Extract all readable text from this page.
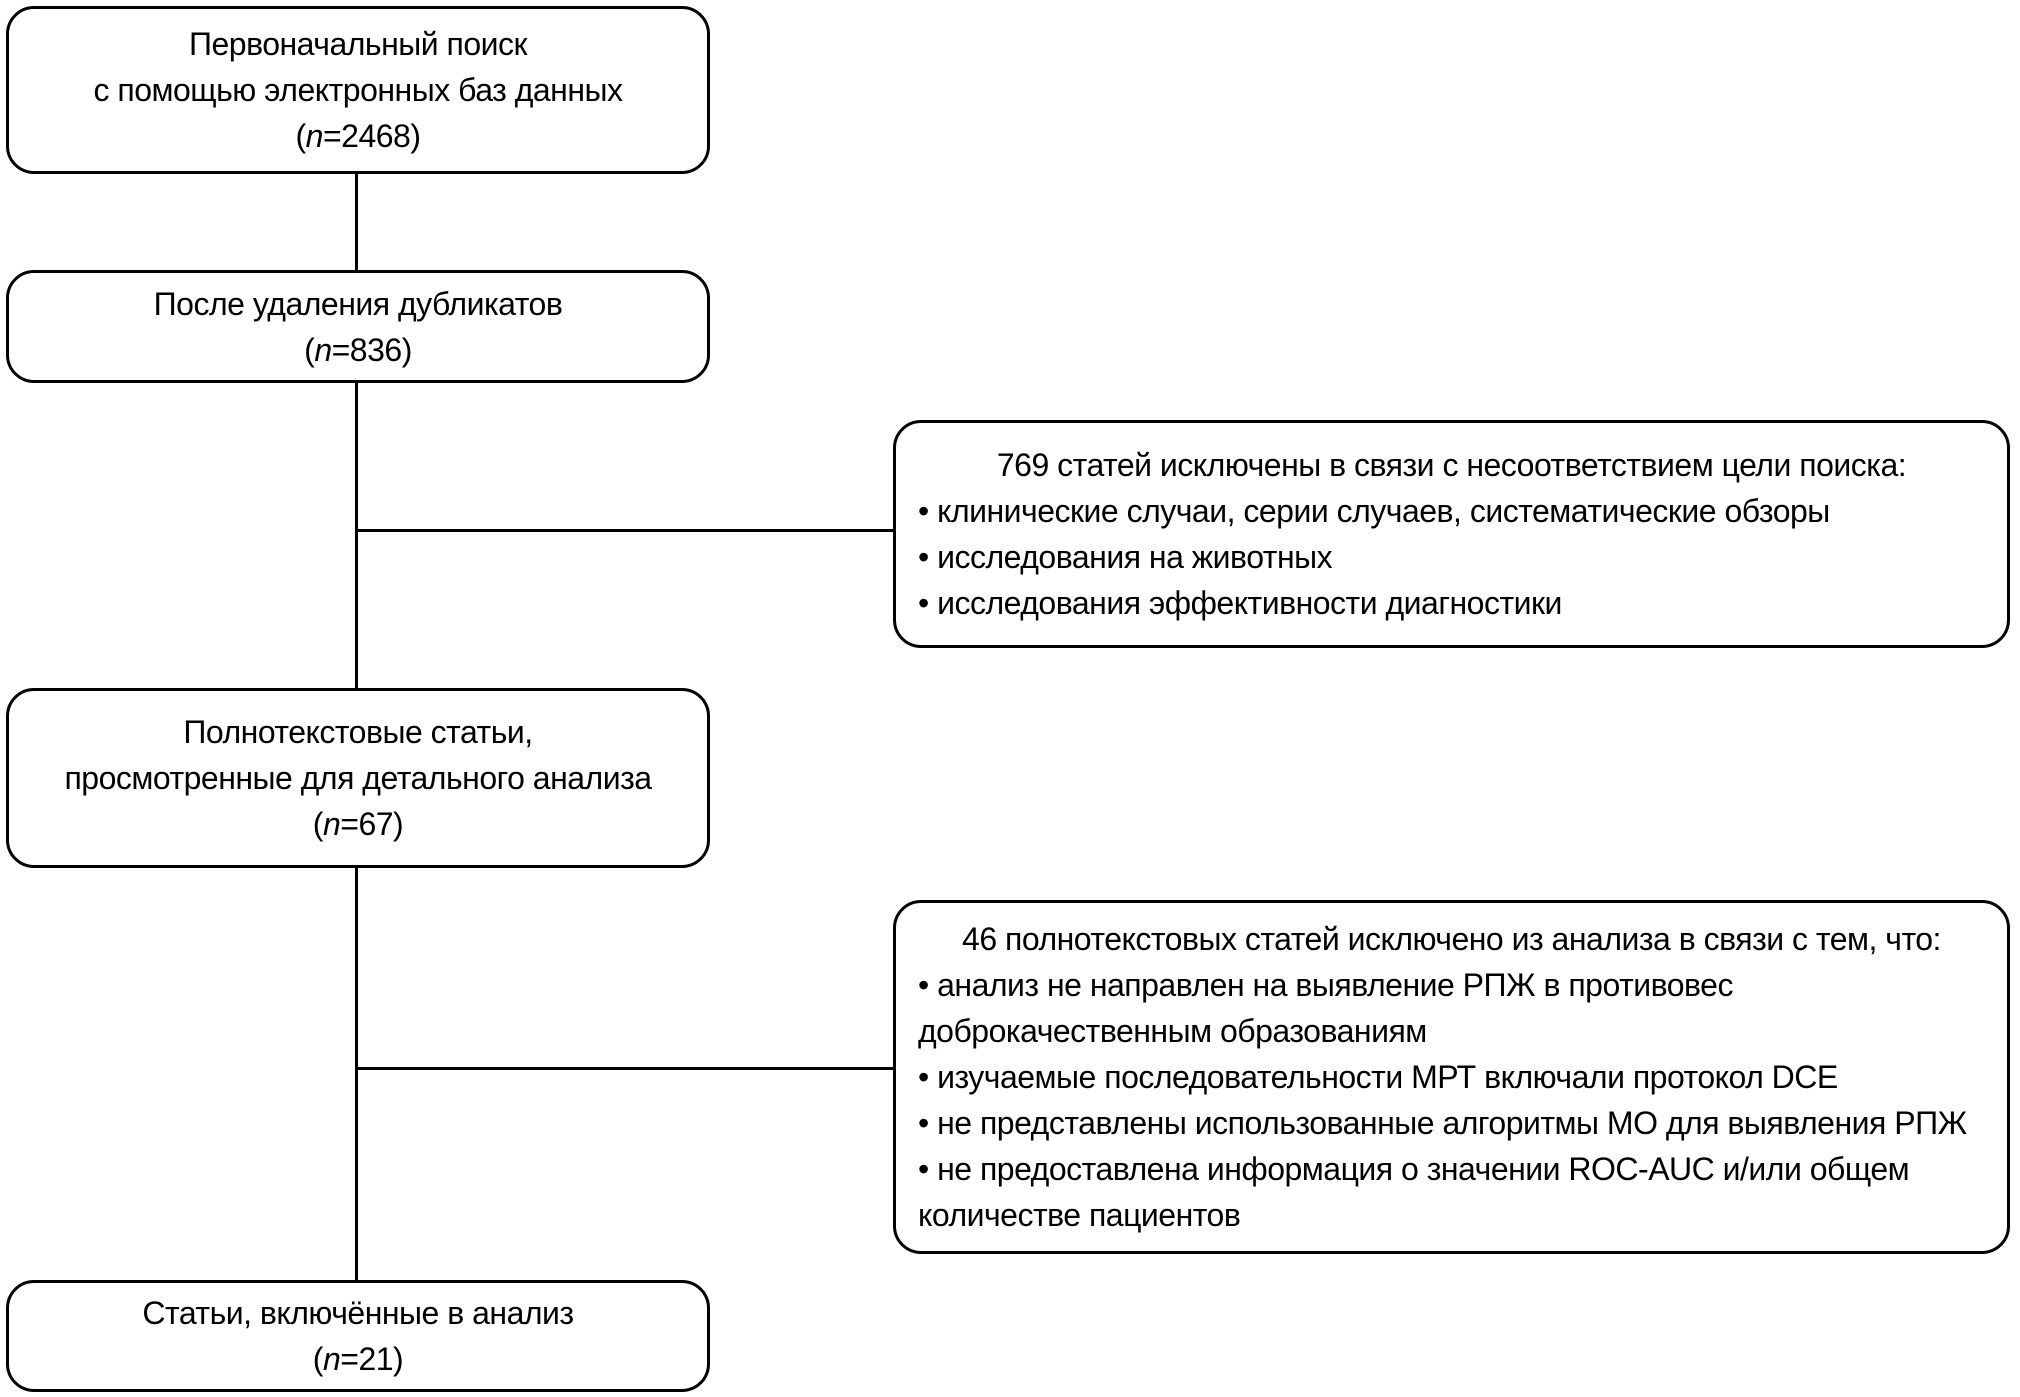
Первоначальный поиск
с помощью электронных баз данных
(n=2468)
После удаления дубликатов
(n=836)
769 статей исключены в связи с несоответствием цели поиска:
• клинические случаи, серии случаев, систематические обзоры
• исследования на животных
• исследования эффективности диагностики
Полнотекстовые статьи,
просмотренные для детального анализа
(n=67)
46 полнотекстовых статей исключено из анализа в связи с тем, что:
• анализ не направлен на выявление РПЖ в противовес
доброкачественным образованиям
• изучаемые последовательности МРТ включали протокол DCE
• не представлены использованные алгоритмы МО для выявления РПЖ
• не предоставлена информация о значении ROC-AUC и/или общем
количестве пациентов
Статьи, включённые в анализ
(n=21)
